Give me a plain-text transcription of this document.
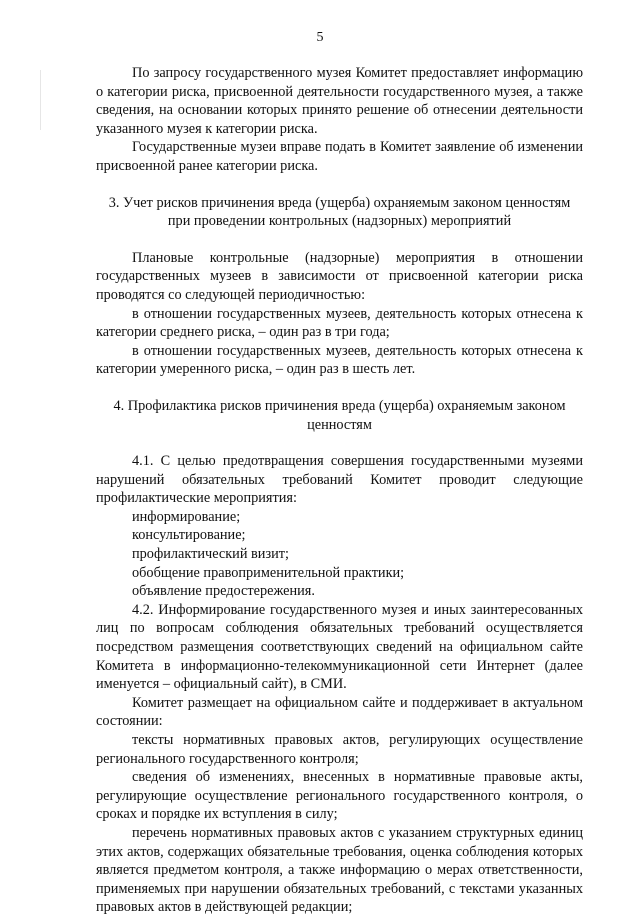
5

По запросу государственного музея Комитет предоставляет информацию о категории риска, присвоенной деятельности государственного музея, а также сведения, на основании которых принято решение об отнесении деятельности указанного музея к категории риска.

Государственные музеи вправе подать в Комитет заявление об изменении присвоенной ранее категории риска.

3. Учет рисков причинения вреда (ущерба) охраняемым законом ценностям при проведении контрольных (надзорных) мероприятий

Плановые контрольные (надзорные) мероприятия в отношении государственных музеев в зависимости от присвоенной категории риска проводятся со следующей периодичностью:

в отношении государственных музеев, деятельность которых отнесена к категории среднего риска, – один раз в три года;

в отношении государственных музеев, деятельность которых отнесена к категории умеренного риска, – один раз в шесть лет.

4. Профилактика рисков причинения вреда (ущерба) охраняемым законом ценностям

4.1. С целью предотвращения совершения государственными музеями нарушений обязательных требований Комитет проводит следующие профилактические мероприятия:

информирование;

консультирование;

профилактический визит;

обобщение правоприменительной практики;

объявление предостережения.

4.2. Информирование государственного музея и иных заинтересованных лиц по вопросам соблюдения обязательных требований осуществляется посредством размещения соответствующих сведений на официальном сайте Комитета в информационно-телекоммуникационной сети Интернет (далее именуется – официальный сайт), в СМИ.

Комитет размещает на официальном сайте и поддерживает в актуальном состоянии:

тексты нормативных правовых актов, регулирующих осуществление регионального государственного контроля;

сведения об изменениях, внесенных в нормативные правовые акты, регулирующие осуществление регионального государственного контроля, о сроках и порядке их вступления в силу;

перечень нормативных правовых актов с указанием структурных единиц этих актов, содержащих обязательные требования, оценка соблюдения которых является предметом контроля, а также информацию о мерах ответственности, применяемых при нарушении обязательных требований, с текстами указанных правовых актов в действующей редакции;
